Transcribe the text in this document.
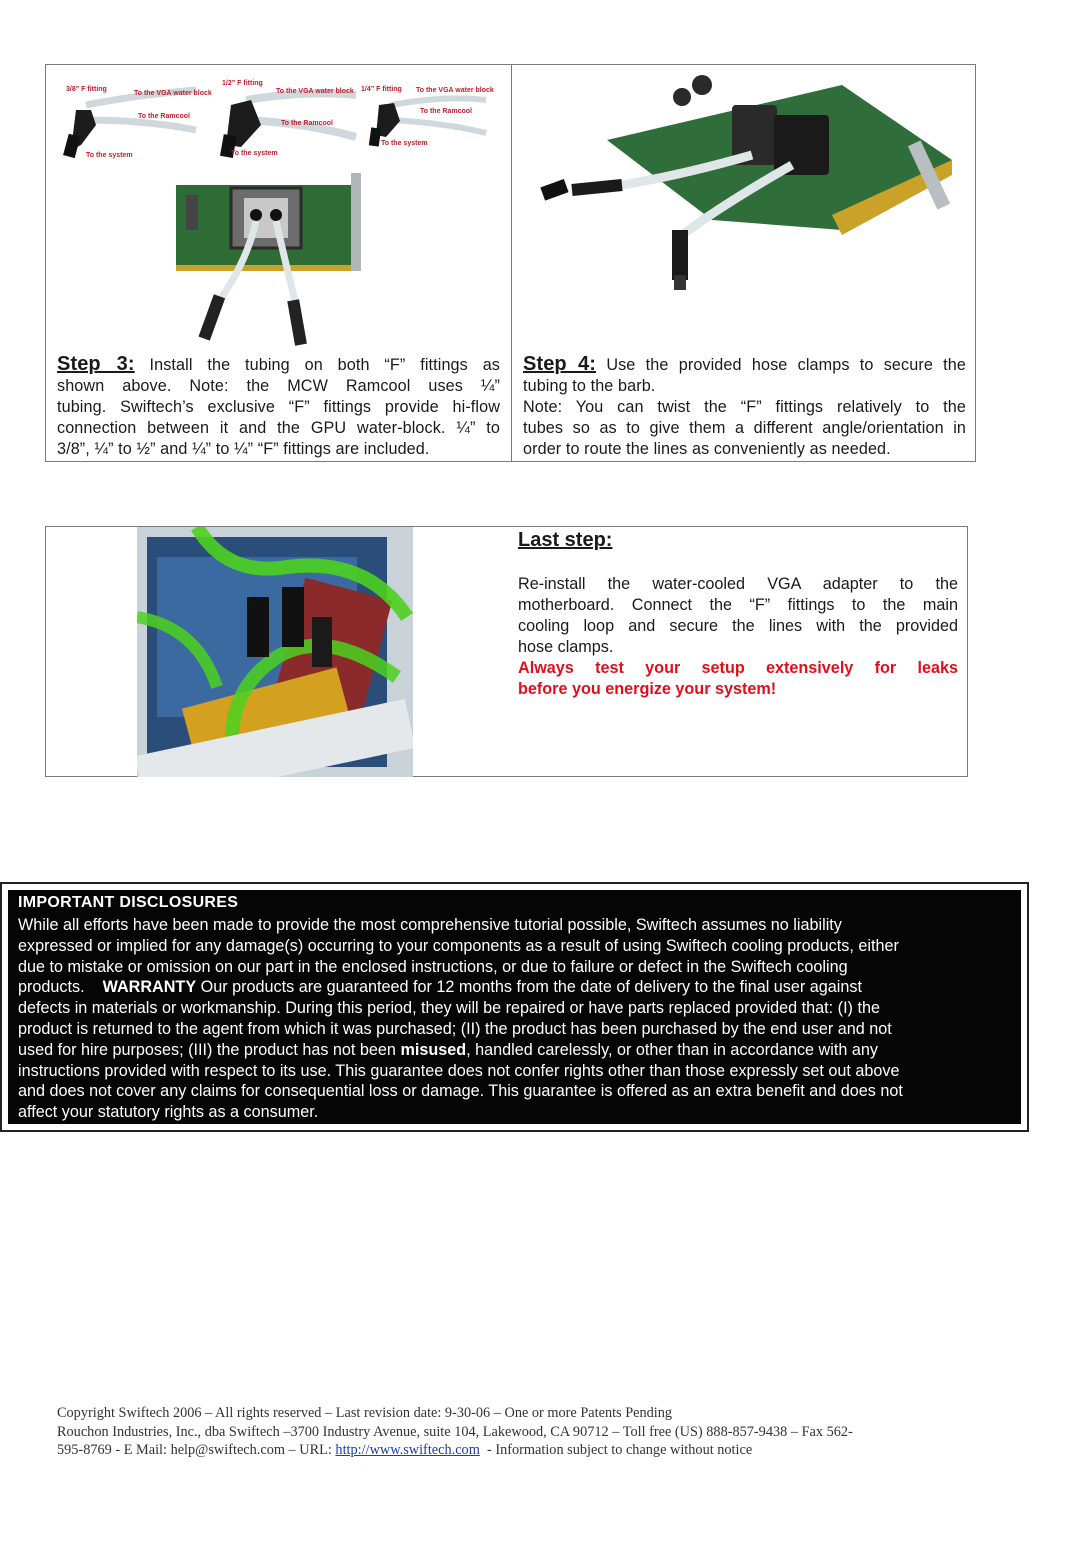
3/8” F fitting
To the VGA water block
To the Ramcool
To the system
1/2” F fitting
To the VGA water block
To the Ramcool
To the system
1/4” F fitting To the VGA water block
To the Ramcool
To the system
Step 3: Install the tubing on both “F” fittings as
shown above. Note: the MCW Ramcool uses ¼”
tubing. Swiftech’s exclusive “F” fittings provide hi-flow
connection between it and the GPU water-block. ¼” to
3/8”, ¼” to ½” and ¼” to ¼” “F” fittings are included.
Step 4: Use the provided hose clamps to secure the
tubing to the barb.
Note: You can twist the “F” fittings relatively to the
tubes so as to give them a different angle/orientation in
order to route the lines as conveniently as needed.
Last step:
Re-install the water-cooled VGA adapter to the
motherboard. Connect the “F” fittings to the main
cooling loop and secure the lines with the provided
hose clamps.
Always test your setup extensively for leaks
before you energize your system!
IMPORTANT DISCLOSURES
While all efforts have been made to provide the most comprehensive tutorial possible, Swiftech assumes no liability
expressed or implied for any damage(s) occurring to your components as a result of using Swiftech cooling products, either
due to mistake or omission on our part in the enclosed instructions, or due to failure or defect in the Swiftech cooling
products. WARRANTY Our products are guaranteed for 12 months from the date of delivery to the final user against
defects in materials or workmanship. During this period, they will be repaired or have parts replaced provided that: (I) the
product is returned to the agent from which it was purchased; (II) the product has been purchased by the end user and not
used for hire purposes; (III) the product has not been misused, handled carelessly, or other than in accordance with any
instructions provided with respect to its use. This guarantee does not confer rights other than those expressly set out above
and does not cover any claims for consequential loss or damage. This guarantee is offered as an extra benefit and does not
affect your statutory rights as a consumer.
Copyright Swiftech 2006 – All rights reserved – Last revision date: 9-30-06 – One or more Patents Pending
Rouchon Industries, Inc., dba Swiftech –3700 Industry Avenue, suite 104, Lakewood, CA 90712 – Toll free (US) 888-857-9438 – Fax 562-
595-8769 - E Mail: help@swiftech.com – URL: http://www.swiftech.com - Information subject to change without notice
